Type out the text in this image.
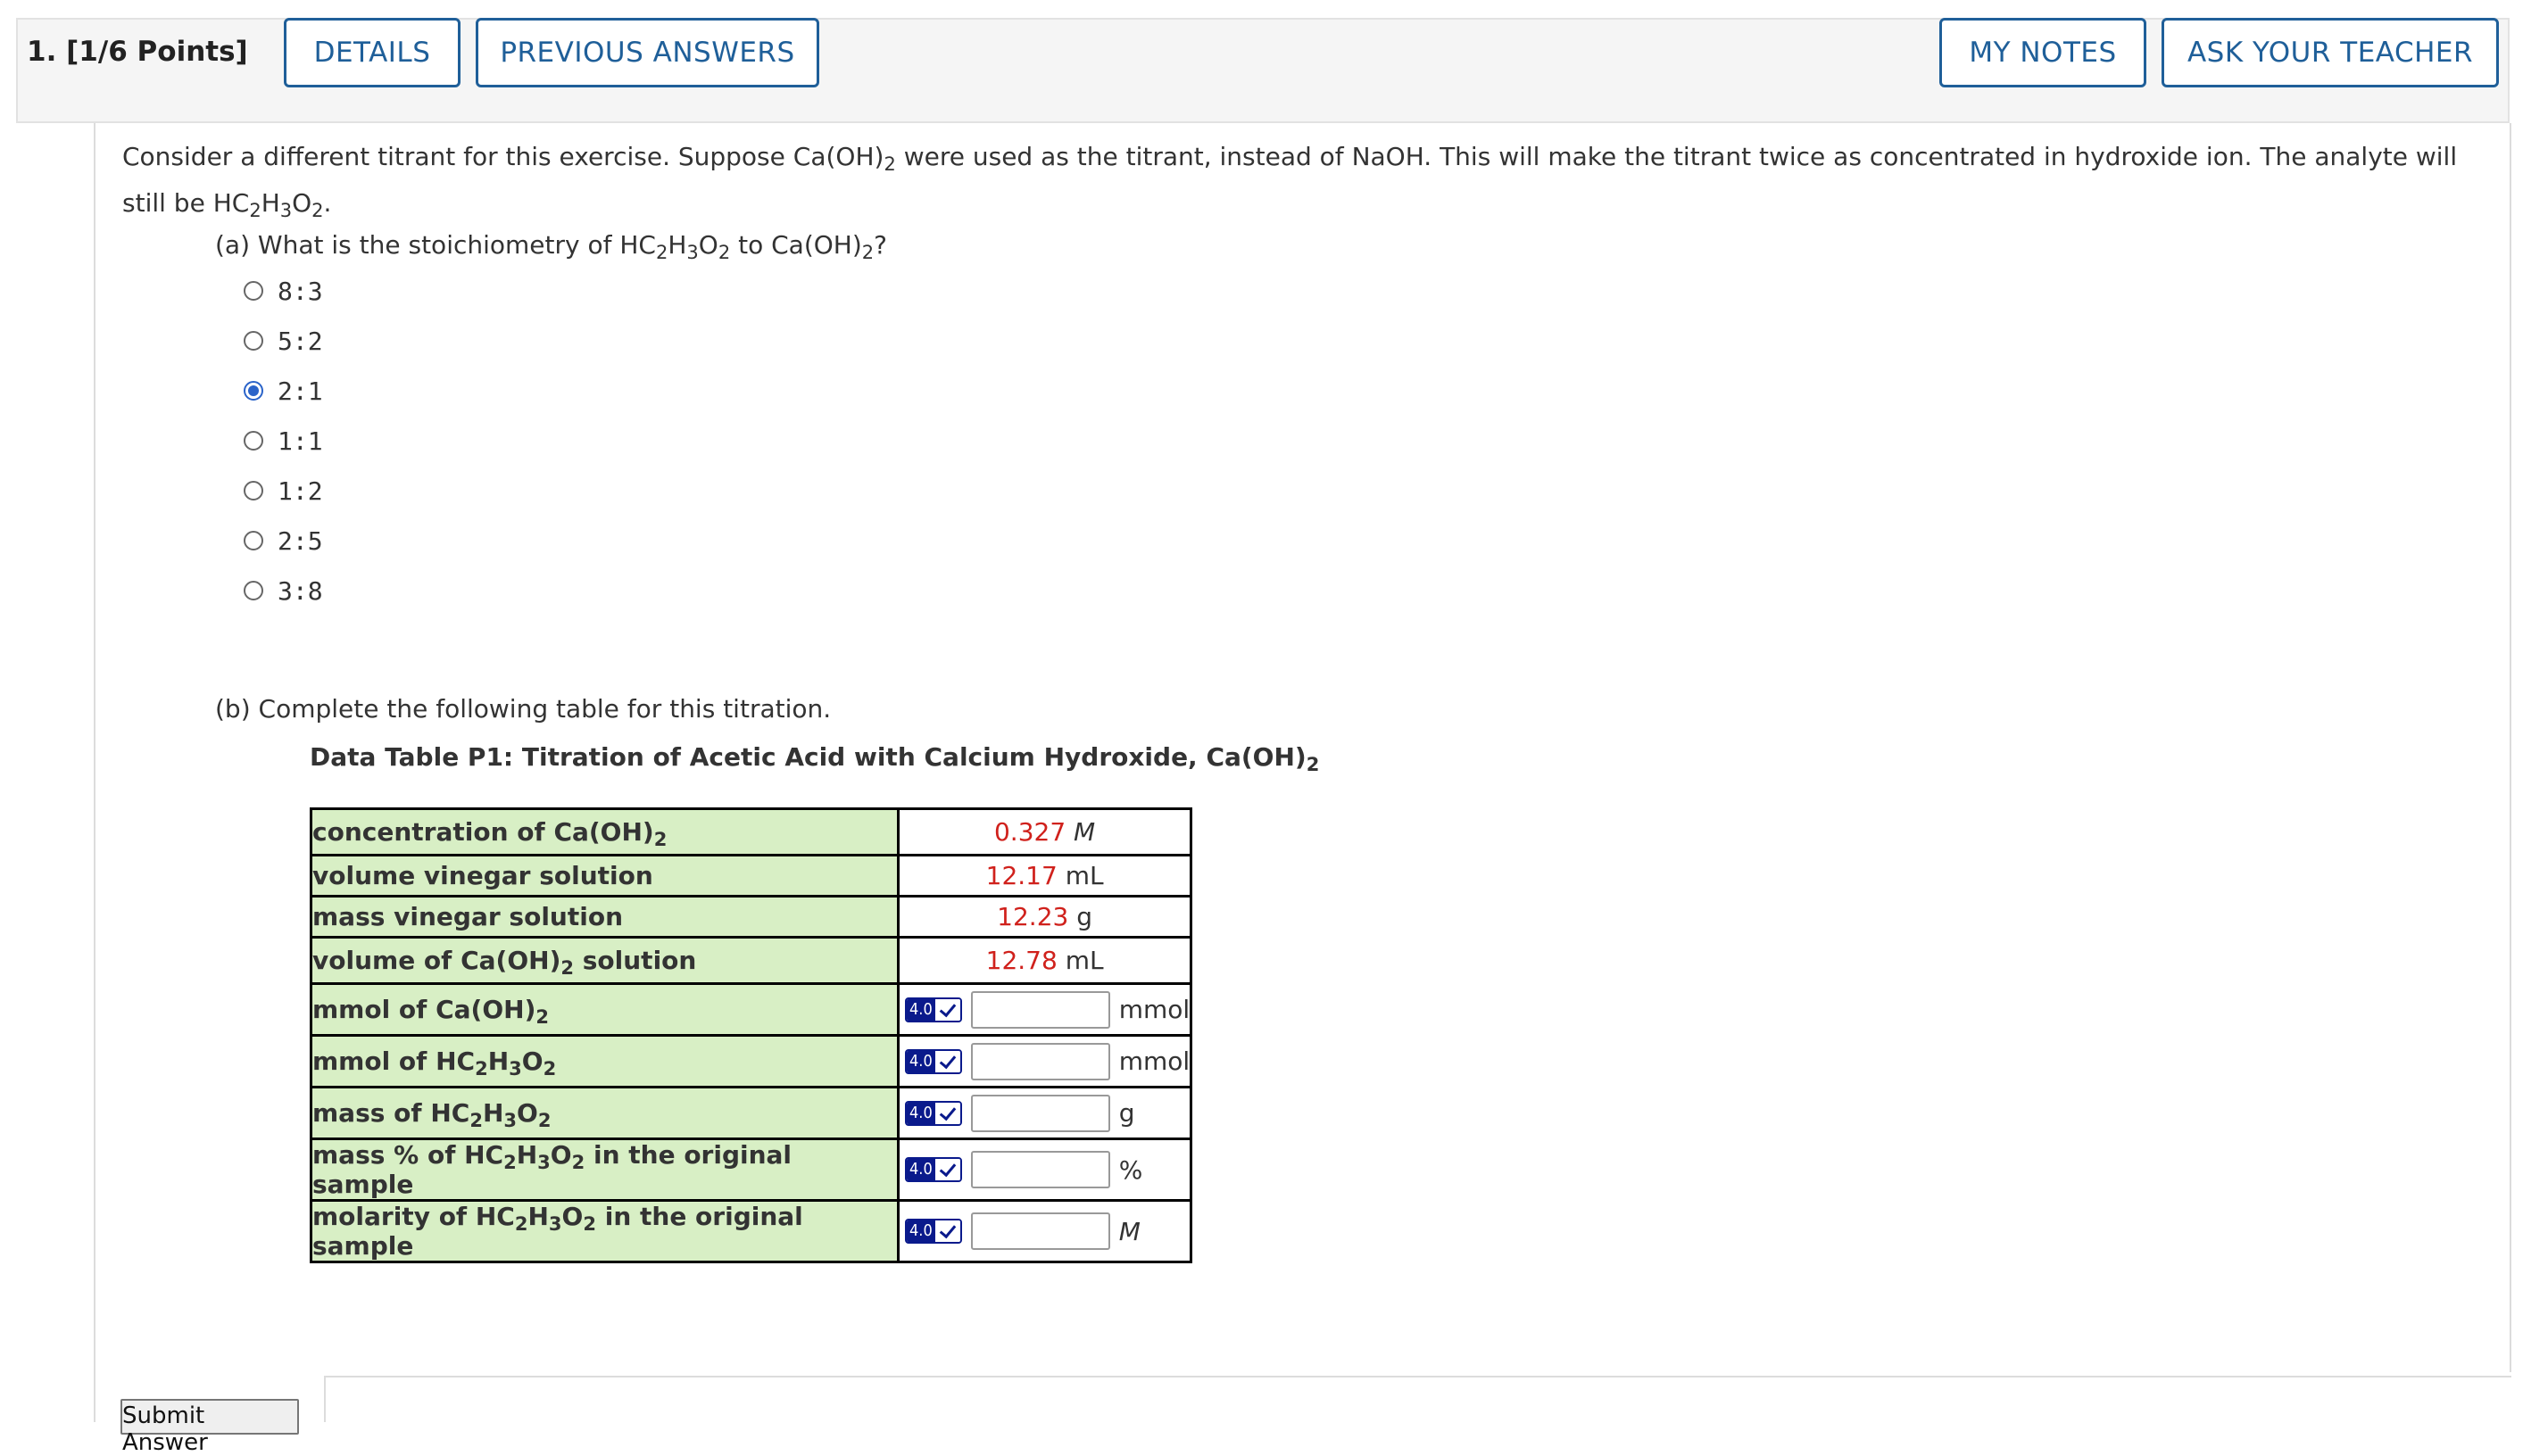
1. [1/6 Points]	DETAILS	PREVIOUS ANSWERS	MY NOTES	ASK YOUR TEACHER
Consider a different titrant for this exercise. Suppose $Ca(OH)_2$ were used as the titrant, instead of NaOH. This will make the titrant twice as concentrated in hydroxide ion. The analyte will still be $HC_2H_3O_2$.
(a) What is the stoichiometry of $HC_2H_3O_2$ to $Ca(OH)_2$?
8:3
5:2
2:1
1:1
1:2
2:5
3:8
(b) Complete the following table for this titration.
Data Table P1: Titration of Acetic Acid with Calcium Hydroxide, $Ca(OH)_2$
concentration of $Ca(OH)_2$	0.327 M
volume vinegar solution	12.17 mL
mass vinegar solution	12.23 g
volume of $Ca(OH)_2$ solution	12.78 mL
mmol of $Ca(OH)_2$	4.0 mmol

mmol of $HC_2H_3O_2$	4.0 mmol

mass of $HC_2H_3O_2$	4.0 g

mass % of $HC_2H_3O_2$ in the original sample	4.0 %

molarity of $HC_2H_3O_2$ in the original sample	4.0 M
Submit Answer
